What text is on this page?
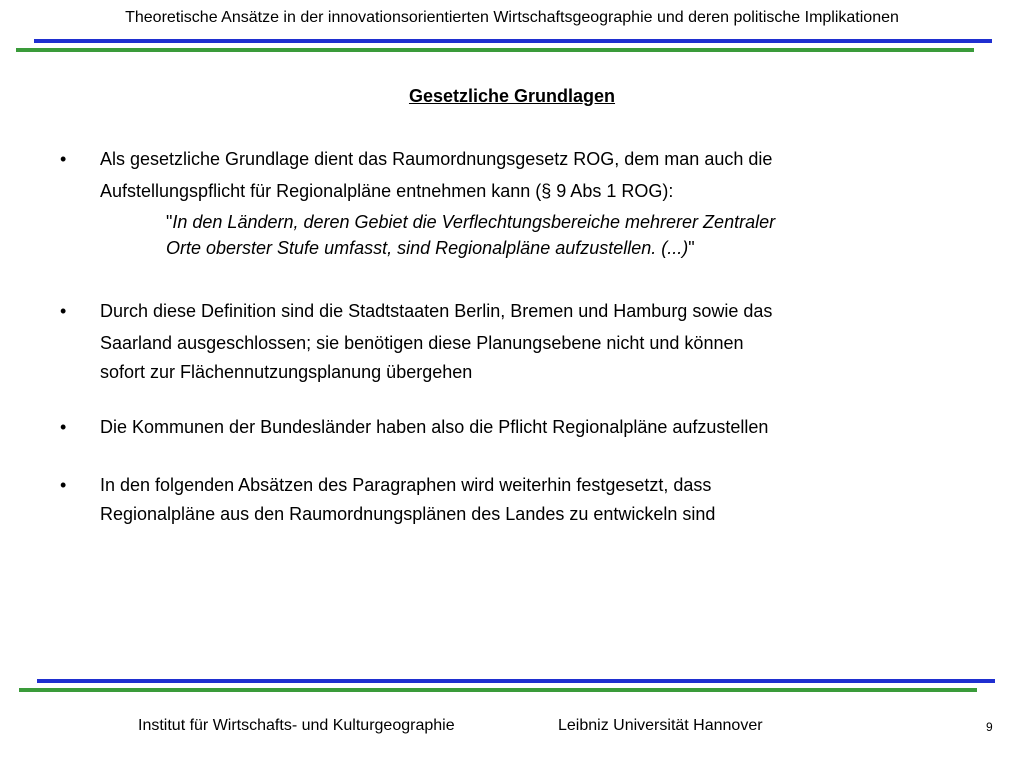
Theoretische Ansätze in der innovationsorientierten Wirtschaftsgeographie und deren politische Implikationen
Gesetzliche Grundlagen
• Als gesetzliche Grundlage dient das Raumordnungsgesetz ROG, dem man auch die
Aufstellungspflicht für Regionalpläne entnehmen kann (§ 9 Abs 1 ROG):
"In den Ländern, deren Gebiet die Verflechtungsbereiche mehrerer Zentraler
Orte oberster Stufe umfasst, sind Regionalpläne aufzustellen. (...)"
• Durch diese Definition sind die Stadtstaaten Berlin, Bremen und Hamburg sowie das
Saarland ausgeschlossen; sie benötigen diese Planungsebene nicht und können
sofort zur Flächennutzungsplanung übergehen
• Die Kommunen der Bundesländer haben also die Pflicht Regionalpläne aufzustellen
• In den folgenden Absätzen des Paragraphen wird weiterhin festgesetzt, dass
Regionalpläne aus den Raumordnungsplänen des Landes zu entwickeln sind
Institut für Wirtschafts- und Kulturgeographie	Leibniz Universität Hannover	9
